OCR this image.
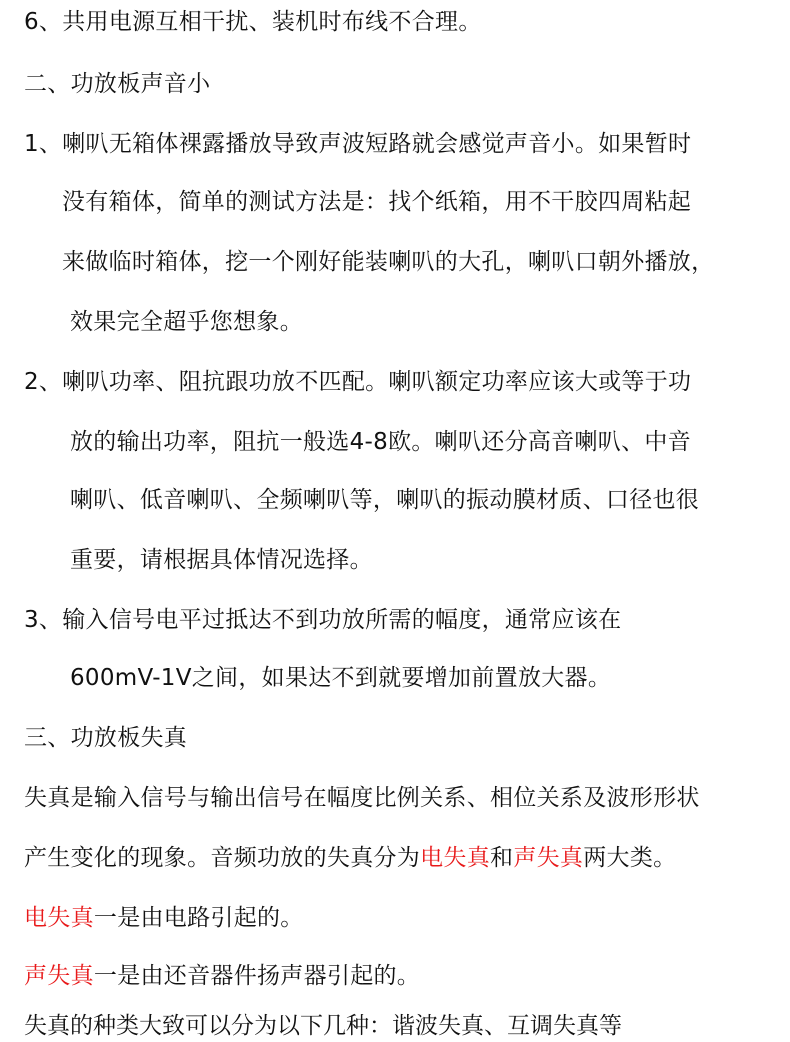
6、共用电源互相干扰、装机时布线不合理。
二、功放板声音小
1、喇叭无箱体裸露播放导致声波短路就会感觉声音小。如果暂时
没有箱体，简单的测试方法是：找个纸箱，用不干胶四周粘起
来做临时箱体，挖一个刚好能装喇叭的大孔，喇叭口朝外播放，
效果完全超乎您想象。
2、喇叭功率、阻抗跟功放不匹配。喇叭额定功率应该大或等于功
放的输出功率，阻抗一般选4-8欧。喇叭还分高音喇叭、中音
喇叭、低音喇叭、全频喇叭等，喇叭的振动膜材质、口径也很
重要，请根据具体情况选择。
3、输入信号电平过抵达不到功放所需的幅度，通常应该在
600mV-1V之间，如果达不到就要增加前置放大器。
三、功放板失真
失真是输入信号与输出信号在幅度比例关系、相位关系及波形形状
产生变化的现象。音频功放的失真分为电失真和声失真两大类。
电失真一是由电路引起的。
声失真一是由还音器件扬声器引起的。
失真的种类大致可以分为以下几种：谐波失真、互调失真等
